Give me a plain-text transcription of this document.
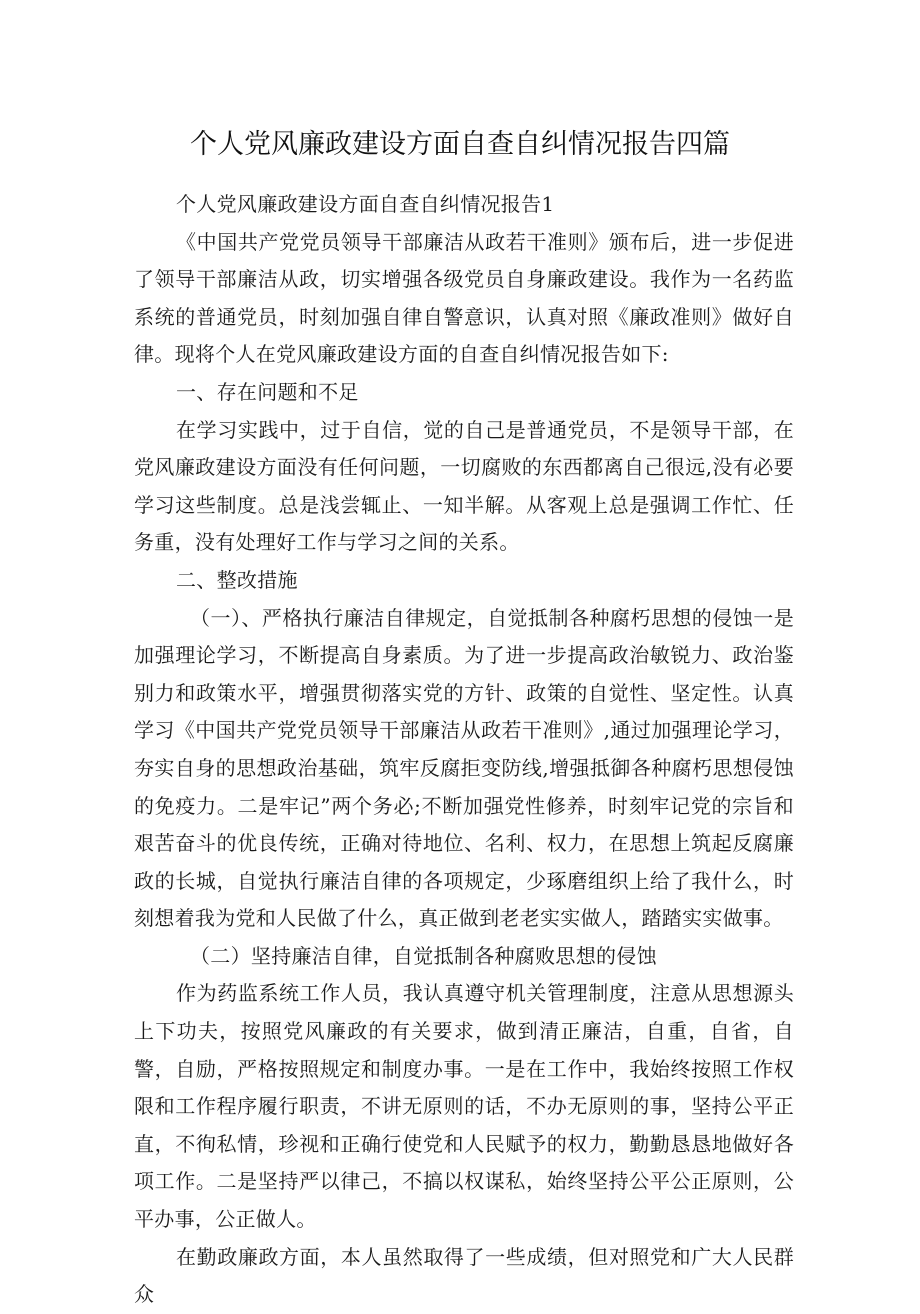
个人党风廉政建设方面自查自纠情况报告四篇

个人党风廉政建设方面自查自纠情况报告1

《中国共产党党员领导干部廉洁从政若干准则》颁布后，进一步促进了领导干部廉洁从政，切实增强各级党员自身廉政建设。我作为一名药监系统的普通党员，时刻加强自律自警意识，认真对照《廉政准则》做好自律。现将个人在党风廉政建设方面的自查自纠情况报告如下:

一、存在问题和不足

在学习实践中，过于自信，觉的自己是普通党员，不是领导干部，在党风廉政建设方面没有任何问题，一切腐败的东西都离自己很远,没有必要学习这些制度。总是浅尝辄止、一知半解。从客观上总是强调工作忙、任务重，没有处理好工作与学习之间的关系。

二、整改措施

（一）、严格执行廉洁自律规定，自觉抵制各种腐朽思想的侵蚀一是加强理论学习，不断提高自身素质。为了进一步提高政治敏锐力、政治鉴别力和政策水平，增强贯彻落实党的方针、政策的自觉性、坚定性。认真学习《中国共产党党员领导干部廉洁从政若干准则》,通过加强理论学习，夯实自身的思想政治基础，筑牢反腐拒变防线,增强抵御各种腐朽思想侵蚀的免疫力。二是牢记”两个务必;不断加强党性修养，时刻牢记党的宗旨和艰苦奋斗的优良传统，正确对待地位、名利、权力，在思想上筑起反腐廉政的长城，自觉执行廉洁自律的各项规定，少琢磨组织上给了我什么，时刻想着我为党和人民做了什么，真正做到老老实实做人，踏踏实实做事。

（二）坚持廉洁自律，自觉抵制各种腐败思想的侵蚀

作为药监系统工作人员，我认真遵守机关管理制度，注意从思想源头上下功夫，按照党风廉政的有关要求，做到清正廉洁，自重，自省，自警，自励，严格按照规定和制度办事。一是在工作中，我始终按照工作权限和工作程序履行职责，不讲无原则的话，不办无原则的事，坚持公平正直，不徇私情，珍视和正确行使党和人民赋予的权力，勤勤恳恳地做好各项工作。二是坚持严以律己，不搞以权谋私，始终坚持公平公正原则，公平办事，公正做人。

在勤政廉政方面，本人虽然取得了一些成绩，但对照党和广大人民群众
